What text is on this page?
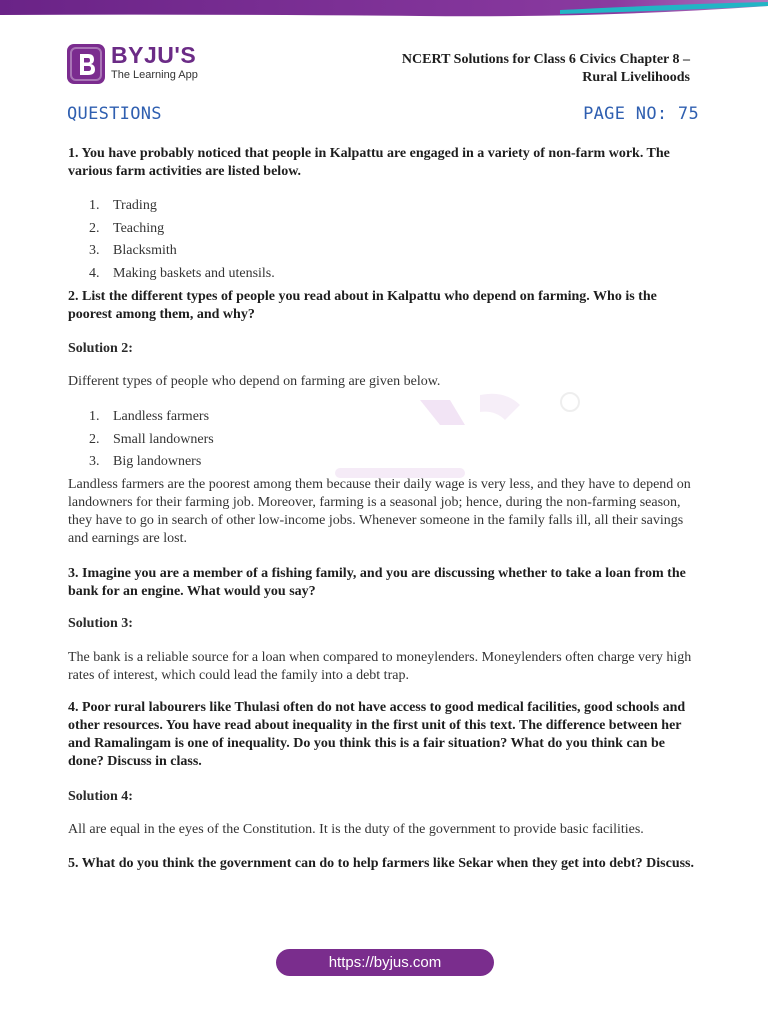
BYJU'S
The Learning App
NCERT Solutions for Class 6 Civics Chapter 8 –
Rural Livelihoods
QUESTIONS	PAGE NO: 75

1. You have probably noticed that people in Kalpattu are engaged in a variety of non-farm work. The various farm activities are listed below.

1. Trading
2. Teaching
3. Blacksmith
4. Making baskets and utensils.

2. List the different types of people you read about in Kalpattu who depend on farming. Who is the poorest among them, and why?

Solution 2:

Different types of people who depend on farming are given below.

1. Landless farmers
2. Small landowners
3. Big landowners

Landless farmers are the poorest among them because their daily wage is very less, and they have to depend on landowners for their farming job. Moreover, farming is a seasonal job; hence, during the non-farming season, they have to go in search of other low-income jobs. Whenever someone in the family falls ill, all their savings and earnings are lost.

3. Imagine you are a member of a fishing family, and you are discussing whether to take a loan from the bank for an engine. What would you say?

Solution 3:

The bank is a reliable source for a loan when compared to moneylenders. Moneylenders often charge very high rates of interest, which could lead the family into a debt trap.

4. Poor rural labourers like Thulasi often do not have access to good medical facilities, good schools and other resources. You have read about inequality in the first unit of this text. The difference between her and Ramalingam is one of inequality. Do you think this is a fair situation? What do you think can be done? Discuss in class.

Solution 4:

All are equal in the eyes of the Constitution. It is the duty of the government to provide basic facilities.

5. What do you think the government can do to help farmers like Sekar when they get into debt? Discuss.

https://byjus.com
